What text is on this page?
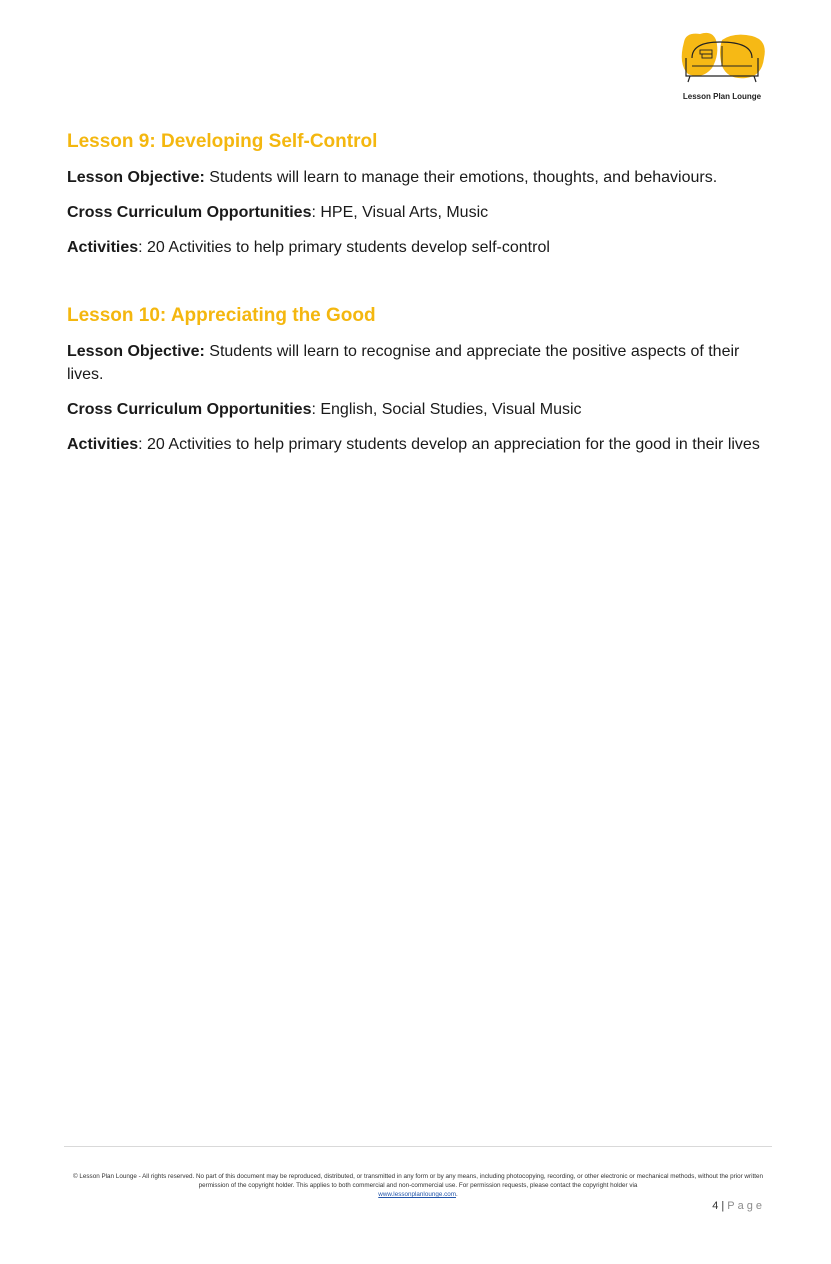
Lesson Plan Lounge
Lesson 9: Developing Self-Control

Lesson Objective: Students will learn to manage their emotions, thoughts, and behaviours.

Cross Curriculum Opportunities: HPE, Visual Arts, Music

Activities: 20 Activities to help primary students develop self-control

Lesson 10: Appreciating the Good

Lesson Objective: Students will learn to recognise and appreciate the positive aspects of their lives.

Cross Curriculum Opportunities: English, Social Studies, Visual Music

Activities: 20 Activities to help primary students develop an appreciation for the good in their lives

© Lesson Plan Lounge - All rights reserved. No part of this document may be reproduced, distributed, or transmitted in any form or by any means, including photocopying, recording, or other electronic or mechanical methods, without the prior written permission of the copyright holder. This applies to both commercial and non-commercial use. For permission requests, please contact the copyright holder via
www.lessonplanlounge.com.
4 | Page
